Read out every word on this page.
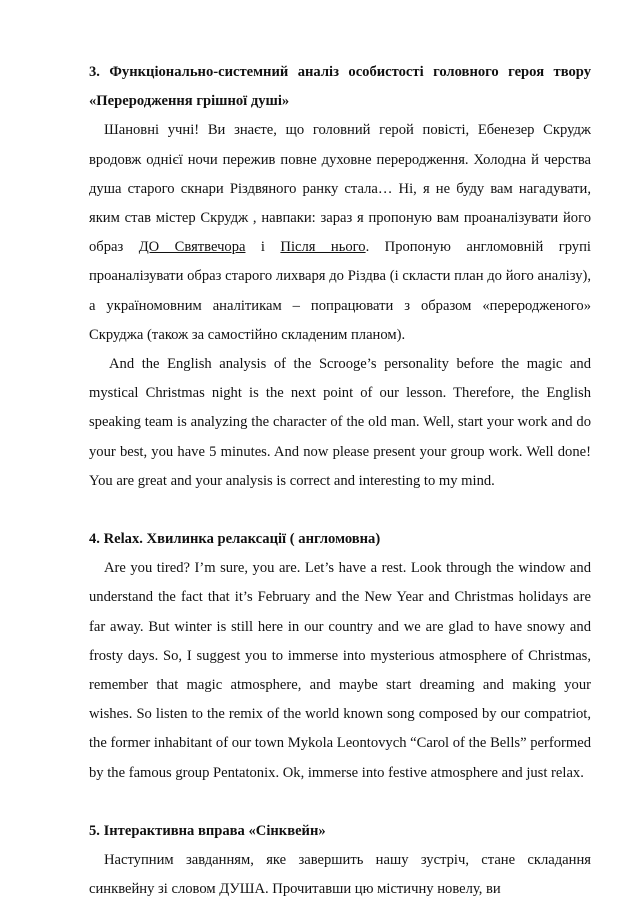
3. Функціонально-системний аналіз особистості головного героя твору «Переродження грішної душі»

Шановні учні! Ви знаєте, що головний герой повісті, Ебенезер Скрудж вродовж однієї ночи пережив повне духовне переродження. Холодна й черства душа старого скнари Різдвяного ранку стала… Ні, я не буду вам нагадувати, яким став містер Скрудж , навпаки: зараз я пропоную вам проаналізувати його образ ДО Святвечора і Після нього. Пропоную англомовній групі проаналізувати образ старого лихваря до Різдва (і скласти план до його аналізу), а україномовним аналітикам – попрацювати з образом «переродженого» Скруджа (також за самостійно складеним планом).

And the English analysis of the Scrooge’s personality before the magic and mystical Christmas night is the next point of our lesson. Therefore, the English speaking team is analyzing the character of the old man. Well, start your work and do your best, you have 5 minutes. And now please present your group work. Well done! You are great and your analysis is correct and interesting to my mind.

4. Relax. Хвилинка релаксації ( англомовна)

Are you tired? I’m sure, you are. Let’s have a rest. Look through the window and understand the fact that it’s February and the New Year and Christmas holidays are far away. But winter is still here in our country and we are glad to have snowy and frosty days. So, I suggest you to immerse into mysterious atmosphere of Christmas, remember that magic atmosphere, and maybe start dreaming and making your wishes. So listen to the remix of the world known song composed by our compatriot, the former inhabitant of our town Mykola Leontovych “Carol of the Bells” performed by the famous group Pentatonix. Ok, immerse into festive atmosphere and just relax.

5. Інтерактивна вправа «Сінквейн»

Наступним завданням, яке завершить нашу зустріч, стане складання синквейну зі словом ДУША. Прочитавши цю містичну новелу, ви
